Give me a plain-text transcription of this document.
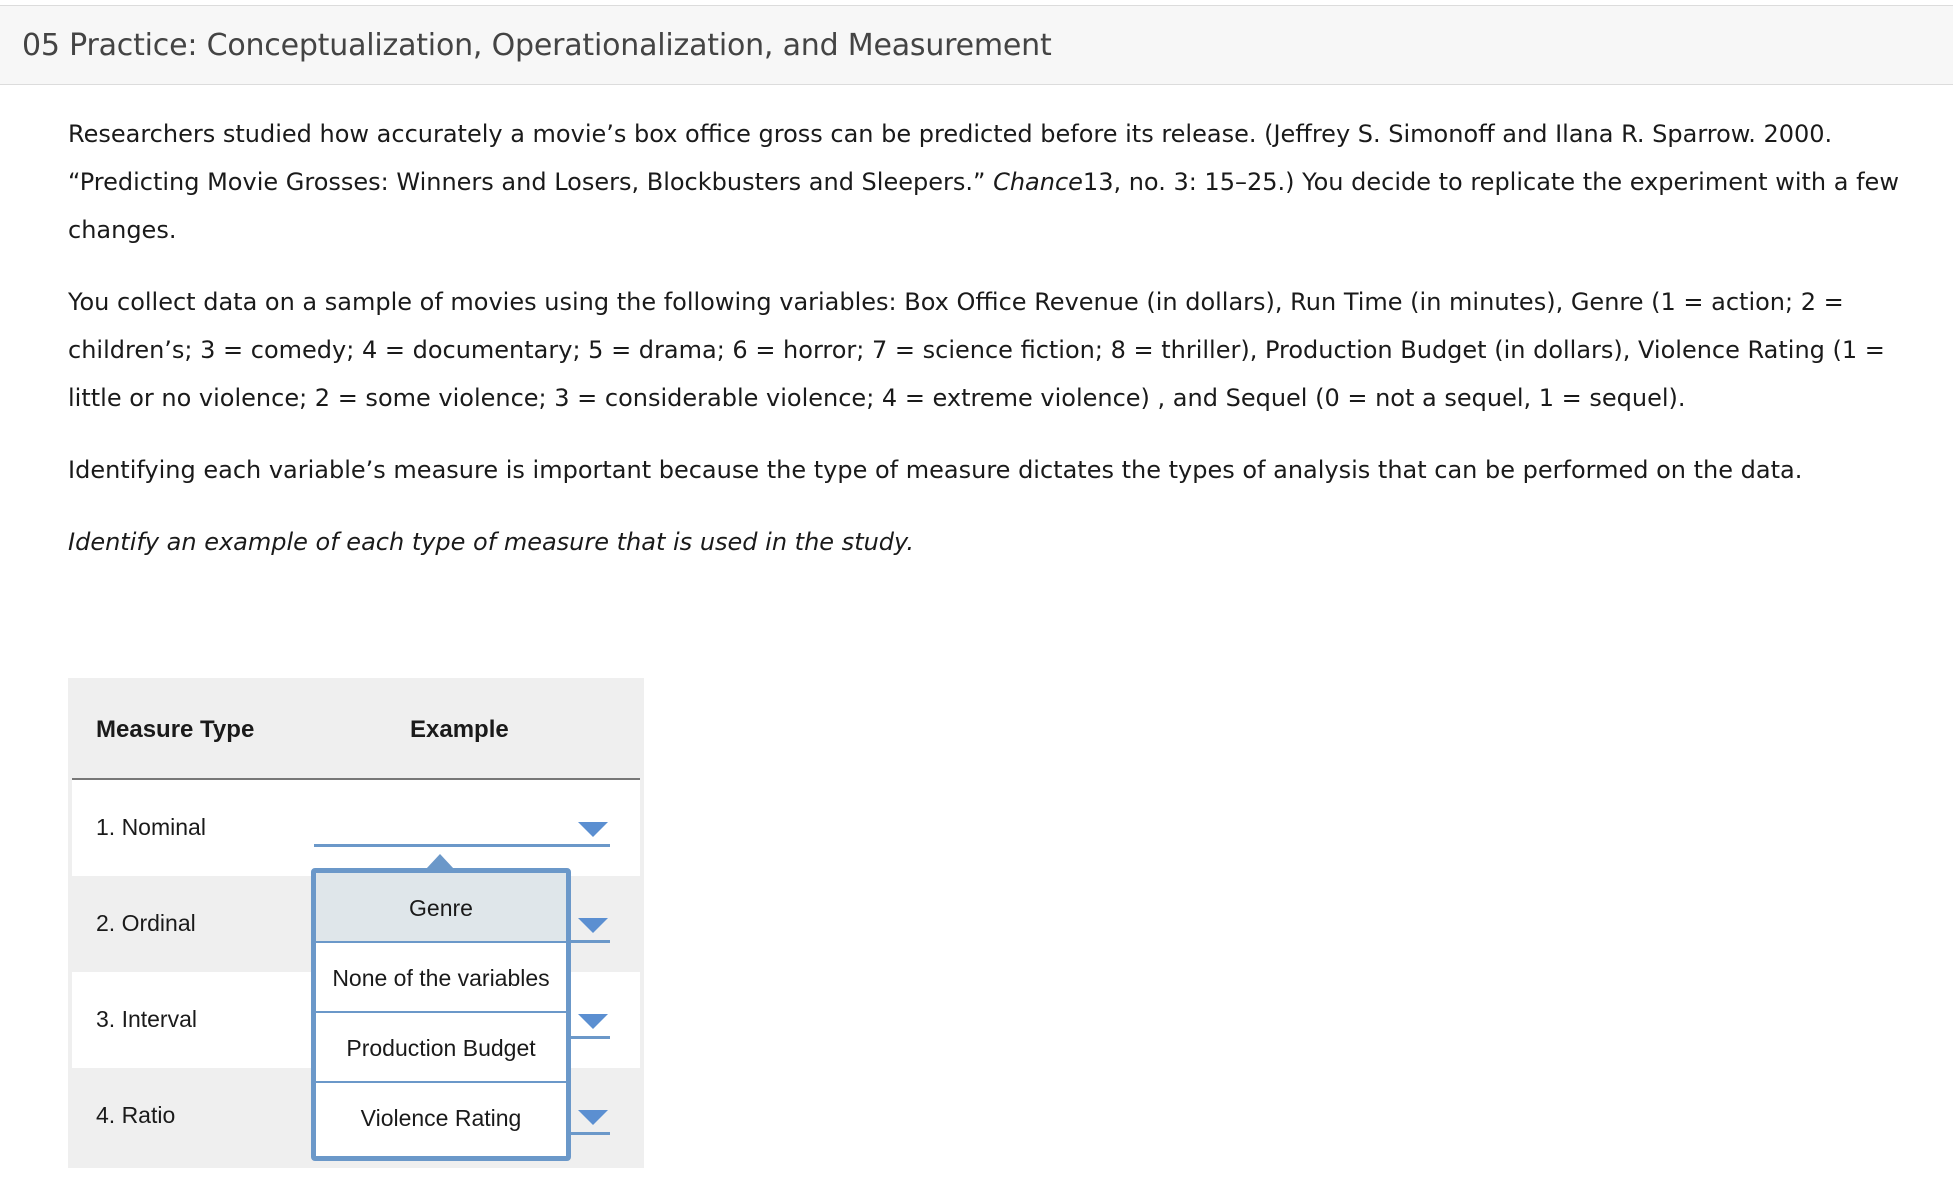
05 Practice: Conceptualization, Operationalization, and Measurement

Researchers studied how accurately a movie’s box office gross can be predicted before its release. (Jeffrey S. Simonoff and Ilana R. Sparrow. 2000. “Predicting Movie Grosses: Winners and Losers, Blockbusters and Sleepers.” Chance13, no. 3: 15–25.) You decide to replicate the experiment with a few changes.

You collect data on a sample of movies using the following variables: Box Office Revenue (in dollars), Run Time (in minutes), Genre (1 = action; 2 = children’s; 3 = comedy; 4 = documentary; 5 = drama; 6 = horror; 7 = science fiction; 8 = thriller), Production Budget (in dollars), Violence Rating (1 = little or no violence; 2 = some violence; 3 = considerable violence; 4 = extreme violence) , and Sequel (0 = not a sequel, 1 = sequel).

Identifying each variable’s measure is important because the type of measure dictates the types of analysis that can be performed on the data.

Identify an example of each type of measure that is used in the study.

Measure Type	Example
1. Nominal
2. Ordinal
3. Interval
4. Ratio
Genre
None of the variables
Production Budget
Violence Rating
